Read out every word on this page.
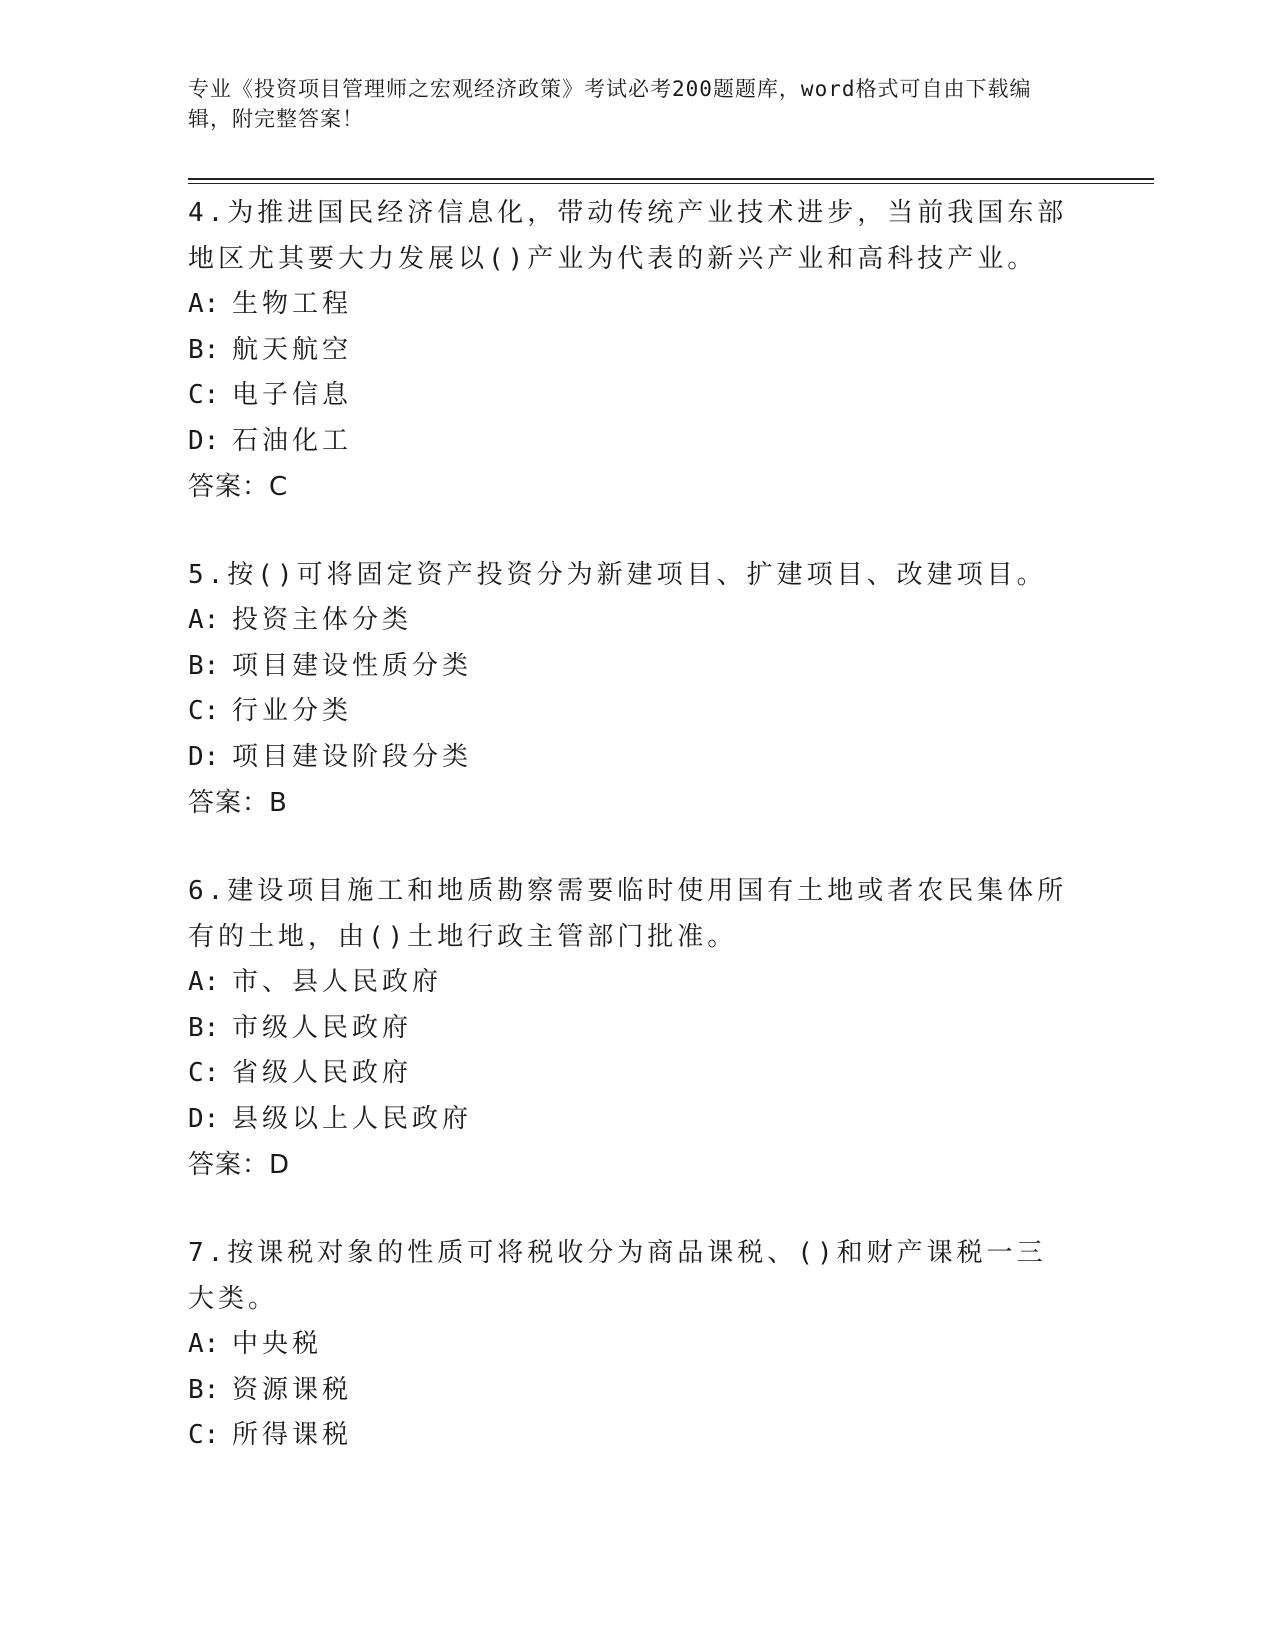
专业《投资项目管理师之宏观经济政策》考试必考200题题库，word格式可自由下载编辑，附完整答案！
4.为推进国民经济信息化，带动传统产业技术进步，当前我国东部地区尤其要大力发展以()产业为代表的新兴产业和高科技产业。
A: 生物工程
B: 航天航空
C: 电子信息
D: 石油化工
答案：C
5.按()可将固定资产投资分为新建项目、扩建项目、改建项目。
A: 投资主体分类
B: 项目建设性质分类
C: 行业分类
D: 项目建设阶段分类
答案：B
6.建设项目施工和地质勘察需要临时使用国有土地或者农民集体所有的土地，由()土地行政主管部门批准。
A: 市、县人民政府
B: 市级人民政府
C: 省级人民政府
D: 县级以上人民政府
答案：D
7.按课税对象的性质可将税收分为商品课税、()和财产课税一三大类。
A: 中央税
B: 资源课税
C: 所得课税
